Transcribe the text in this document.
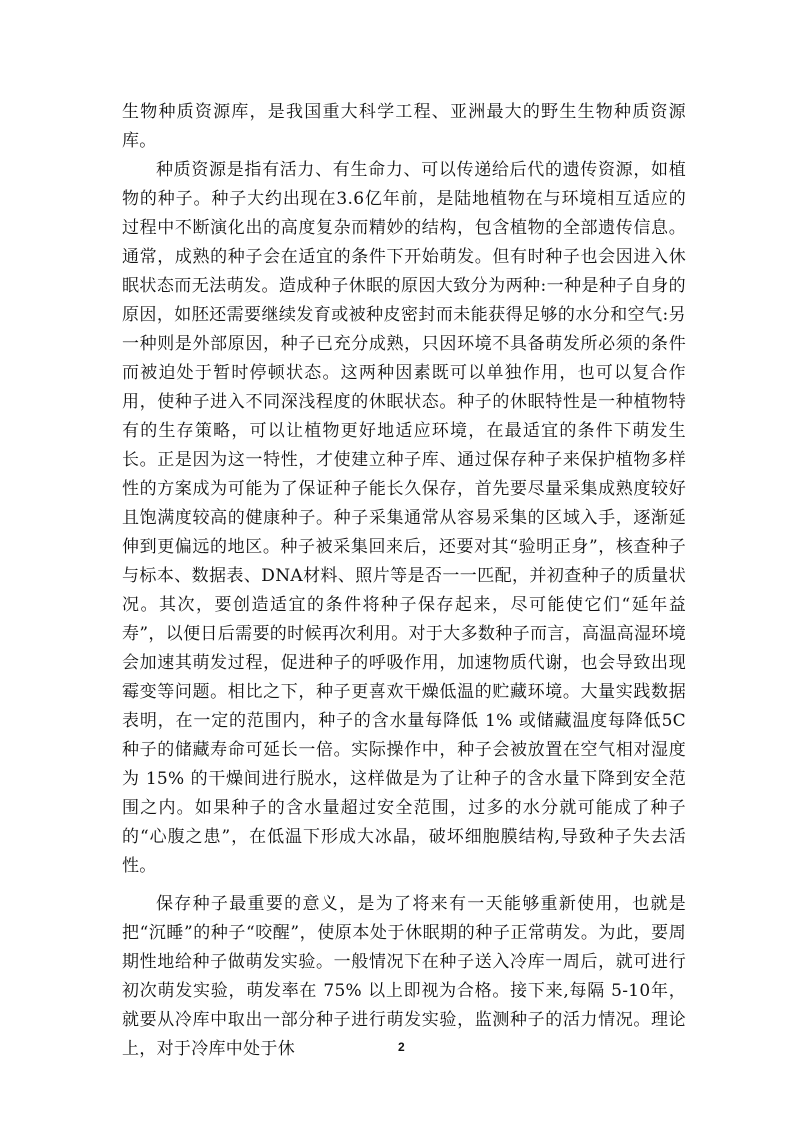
生物种质资源库，是我国重大科学工程、亚洲最大的野生生物种质资源库。

种质资源是指有活力、有生命力、可以传递给后代的遗传资源，如植物的种子。种子大约出现在3.6亿年前，是陆地植物在与环境相互适应的过程中不断演化出的高度复杂而精妙的结构，包含植物的全部遗传信息。通常，成熟的种子会在适宜的条件下开始萌发。但有时种子也会因进入休眠状态而无法萌发。造成种子休眠的原因大致分为两种:一种是种子自身的原因，如胚还需要继续发育或被种皮密封而未能获得足够的水分和空气:另一种则是外部原因，种子已充分成熟，只因环境不具备萌发所必须的条件而被迫处于暂时停顿状态。这两种因素既可以单独作用，也可以复合作用，使种子进入不同深浅程度的休眠状态。种子的休眠特性是一种植物特有的生存策略，可以让植物更好地适应环境，在最适宜的条件下萌发生长。正是因为这一特性，才使建立种子库、通过保存种子来保护植物多样性的方案成为可能为了保证种子能长久保存，首先要尽量采集成熟度较好且饱满度较高的健康种子。种子采集通常从容易采集的区域入手，逐渐延伸到更偏远的地区。种子被采集回来后，还要对其“验明正身”，核查种子与标本、数据表、DNA材料、照片等是否一一匹配，并初查种子的质量状况。其次，要创造适宜的条件将种子保存起来，尽可能使它们“延年益寿”，以便日后需要的时候再次利用。对于大多数种子而言，高温高湿环境会加速其萌发过程，促进种子的呼吸作用，加速物质代谢，也会导致出现霉变等问题。相比之下，种子更喜欢干燥低温的贮藏环境。大量实践数据表明，在一定的范围内，种子的含水量每降低 1% 或储藏温度每降低5C种子的储藏寿命可延长一倍。实际操作中，种子会被放置在空气相对湿度为 15% 的干燥间进行脱水，这样做是为了让种子的含水量下降到安全范围之内。如果种子的含水量超过安全范围，过多的水分就可能成了种子的“心腹之患”，在低温下形成大冰晶，破坏细胞膜结构,导致种子失去活性。

保存种子最重要的意义，是为了将来有一天能够重新使用，也就是把“沉睡”的种子“咬醒”，使原本处于休眠期的种子正常萌发。为此，要周期性地给种子做萌发实验。一般情况下在种子送入冷库一周后，就可进行初次萌发实验，萌发率在 75% 以上即视为合格。接下来,每隔 5-10年，就要从冷库中取出一部分种子进行萌发实验，监测种子的活力情况。理论上，对于冷库中处于休	2
